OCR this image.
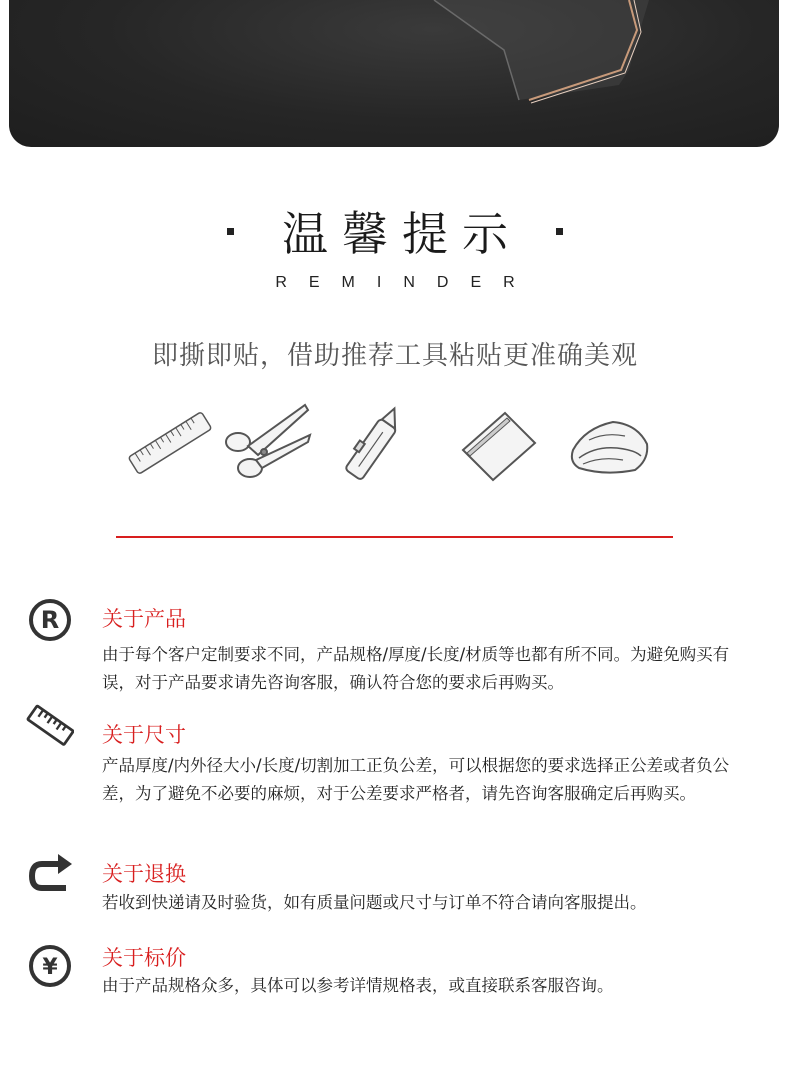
温馨提示
REMINDER
即撕即贴，借助推荐工具粘贴更准确美观
R 关于产品
由于每个客户定制要求不同，产品规格/厚度/长度/材质等也都有所不同。为避免购买有误，对于产品要求请先咨询客服，确认符合您的要求后再购买。
关于尺寸
产品厚度/内外径大小/长度/切割加工正负公差，可以根据您的要求选择正公差或者负公差，为了避免不必要的麻烦，对于公差要求严格者，请先咨询客服确定后再购买。
关于退换
若收到快递请及时验货，如有质量问题或尺寸与订单不符合请向客服提出。
¥ 关于标价
由于产品规格众多，具体可以参考详情规格表，或直接联系客服咨询。
